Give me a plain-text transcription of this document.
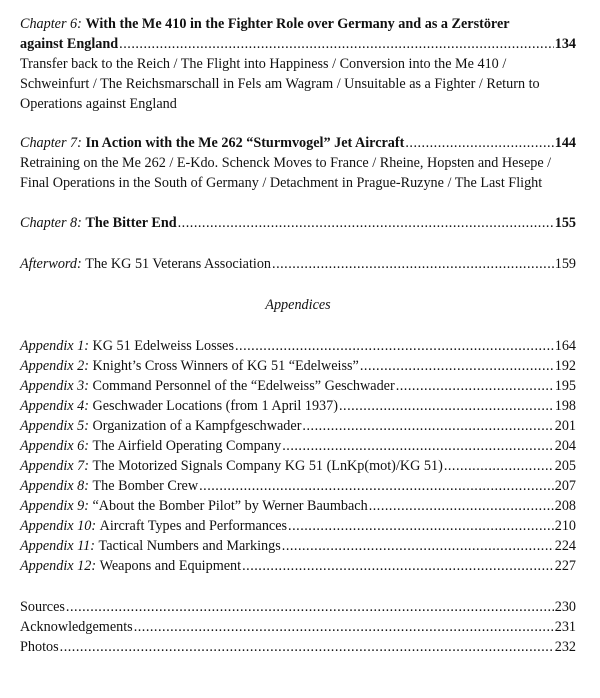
Chapter 6: With the Me 410 in the Fighter Role over Germany and as a Zerstörer
against England .....	134
Transfer back to the Reich / The Flight into Happiness / Conversion into the Me 410 / Schweinfurt / The Reichsmarschall in Fels am Wagram / Unsuitable as a Fighter / Return to Operations against England
Chapter 7: In Action with the Me 262 “Sturmvogel” Jet Aircraft .....	144
Retraining on the Me 262 / E-Kdo. Schenck Moves to France / Rheine, Hopsten and Hesepe / Final Operations in the South of Germany / Detachment in Prague-Ruzyne / The Last Flight
Chapter 8: The Bitter End .....	155
Afterword: The KG 51 Veterans Association .....	159

Appendices

Appendix 1: KG 51 Edelweiss Losses .....	164
Appendix 2: Knight’s Cross Winners of KG 51 “Edelweiss” .....	192
Appendix 3: Command Personnel of the “Edelweiss” Geschwader .....	195
Appendix 4: Geschwader Locations (from 1 April 1937) .....	198
Appendix 5: Organization of a Kampfgeschwader .....	201
Appendix 6: The Airfield Operating Company .....	204
Appendix 7: The Motorized Signals Company KG 51 (LnKp(mot)/KG 51) .....	205
Appendix 8: The Bomber Crew .....	207
Appendix 9: “About the Bomber Pilot” by Werner Baumbach .....	208
Appendix 10: Aircraft Types and Performances .....	210
Appendix 11: Tactical Numbers and Markings .....	224
Appendix 12: Weapons and Equipment .....	227
Sources .....	230
Acknowledgements .....	231
Photos .....	232
